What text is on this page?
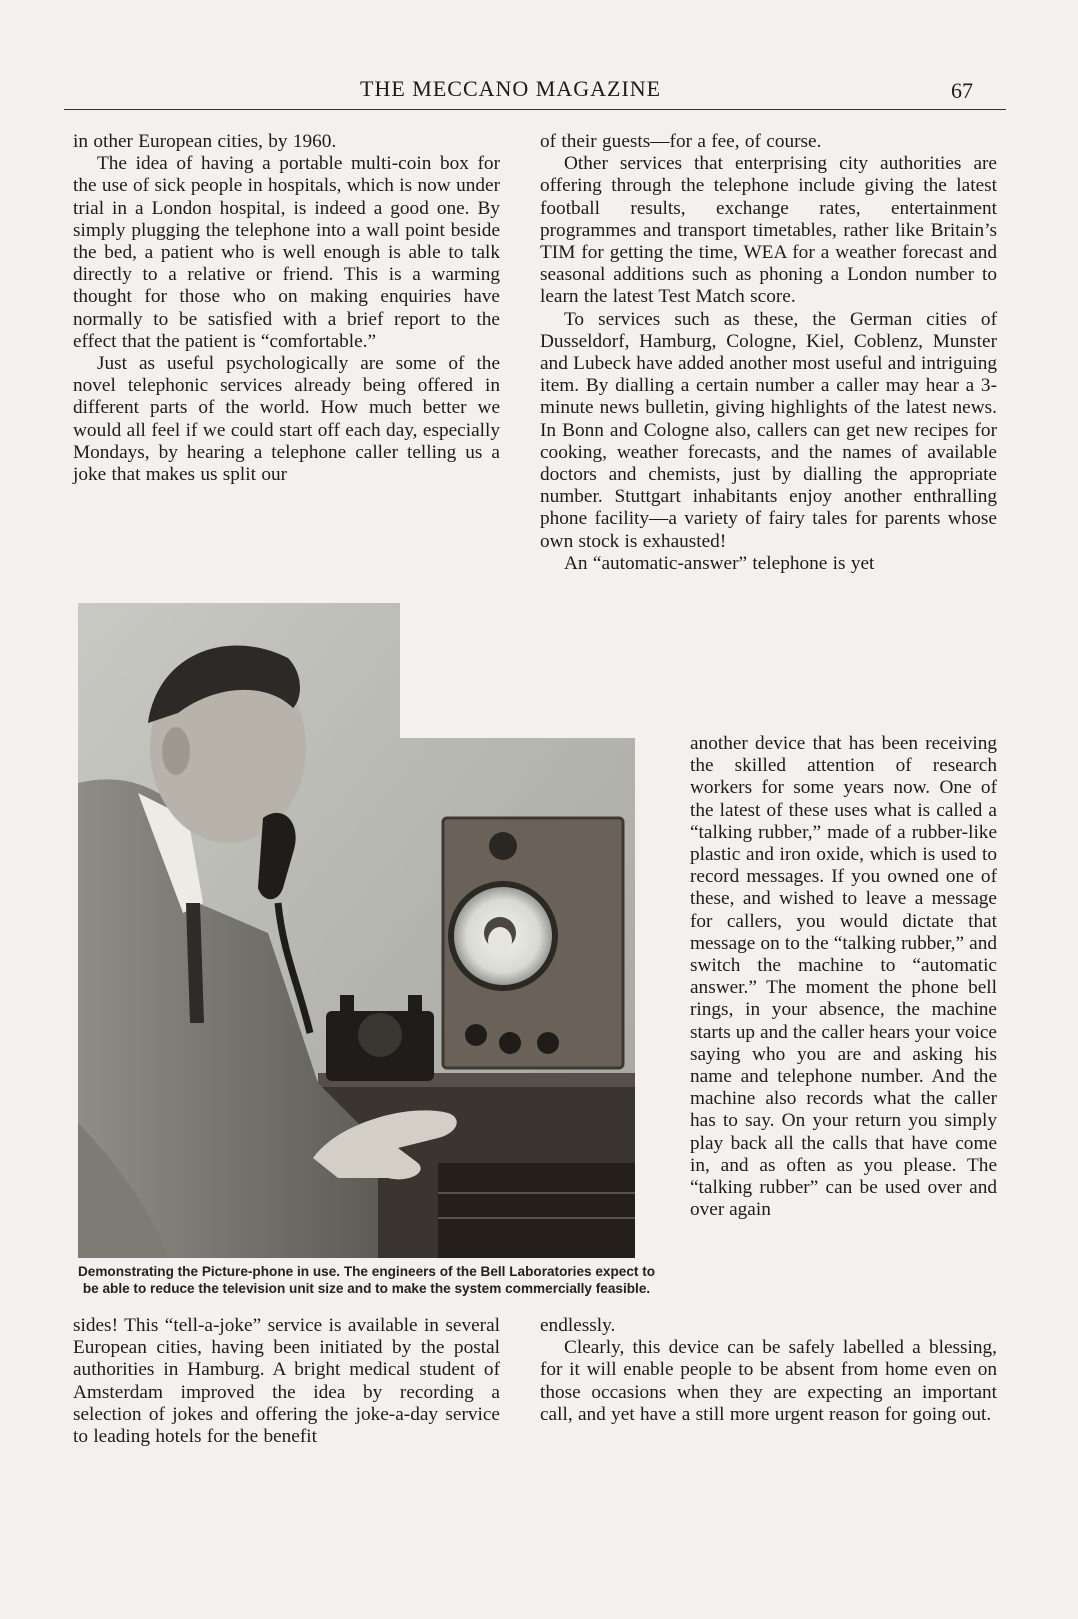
THE MECCANO MAGAZINE	67

in other European cities, by 1960.

The idea of having a portable multi-coin box for the use of sick people in hospitals, which is now under trial in a London hospital, is indeed a good one. By simply plugging the telephone into a wall point beside the bed, a patient who is well enough is able to talk directly to a relative or friend. This is a warming thought for those who on making enquiries have normally to be satisfied with a brief report to the effect that the patient is “comfortable.”

Just as useful psychologically are some of the novel telephonic services already being offered in different parts of the world. How much better we would all feel if we could start off each day, especially Mondays, by hearing a telephone caller telling us a joke that makes us split our

Demonstrating the Picture-phone in use. The engineers of the Bell Laboratories expect to be able to reduce the television unit size and to make the system commercially feasible.

sides! This “tell-a-joke” service is available in several European cities, having been initiated by the postal authorities in Hamburg. A bright medical student of Amsterdam improved the idea by recording a selection of jokes and offering the joke-a-day service to leading hotels for the benefit

of their guests—for a fee, of course.

Other services that enterprising city authorities are offering through the telephone include giving the latest football results, exchange rates, entertainment programmes and transport timetables, rather like Britain’s TIM for getting the time, WEA for a weather forecast and seasonal additions such as phoning a London number to learn the latest Test Match score.

To services such as these, the German cities of Dusseldorf, Hamburg, Cologne, Kiel, Coblenz, Munster and Lubeck have added another most useful and intriguing item. By dialling a certain number a caller may hear a 3-minute news bulletin, giving highlights of the latest news. In Bonn and Cologne also, callers can get new recipes for cooking, weather forecasts, and the names of available doctors and chemists, just by dialling the appropriate number. Stuttgart inhabitants enjoy another enthralling phone facility—a variety of fairy tales for parents whose own stock is exhausted!

An “automatic-answer” telephone is yet

another device that has been receiving the skilled attention of research workers for some years now. One of the latest of these uses what is called a “talking rubber,” made of a rubber-like plastic and iron oxide, which is used to record messages. If you owned one of these, and wished to leave a message for callers, you would dictate that message on to the “talking rubber,” and switch the machine to “automatic answer.” The moment the phone bell rings, in your absence, the machine starts up and the caller hears your voice saying who you are and asking his name and telephone number. And the machine also records what the caller has to say. On your return you simply play back all the calls that have come in, and as often as you please. The “talking rubber” can be used over and over again

endlessly.

Clearly, this device can be safely labelled a blessing, for it will enable people to be absent from home even on those occasions when they are expecting an important call, and yet have a still more urgent reason for going out.
